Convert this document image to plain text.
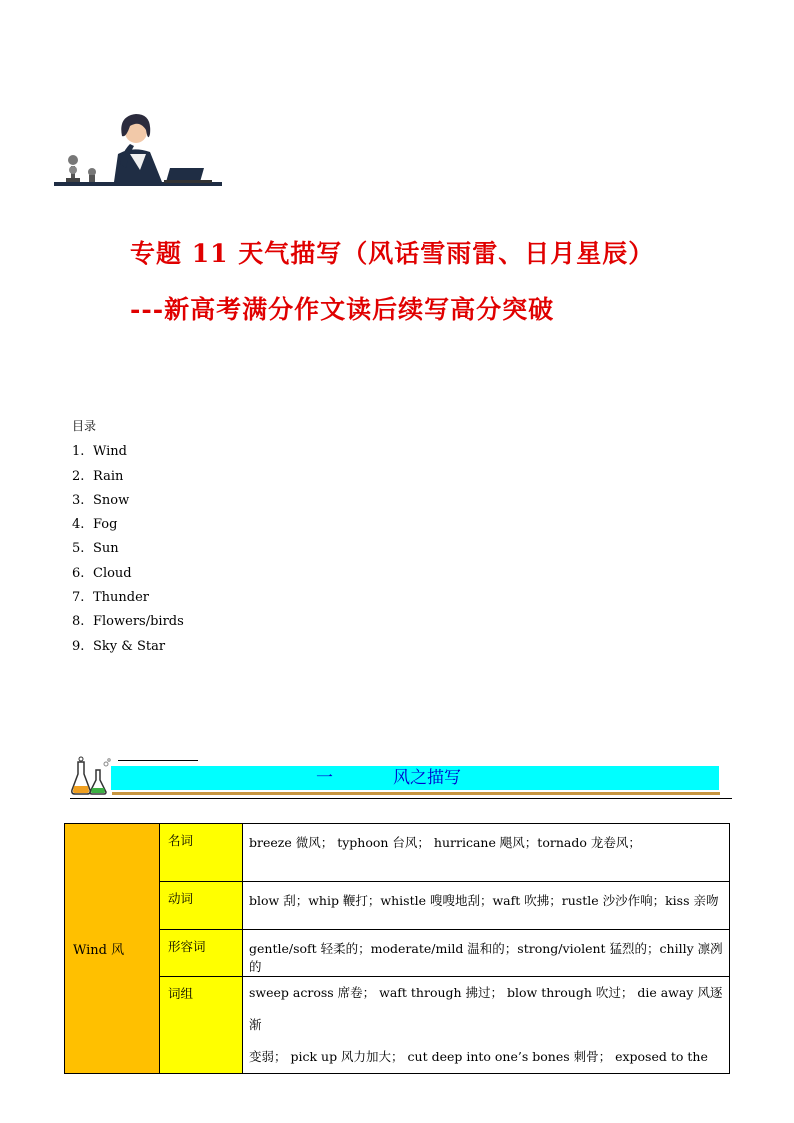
专题 11 天气描写（风话雪雨雷、日月星辰）
---新高考满分作文读后续写高分突破
目录
1. Wind
2. Rain
3. Snow
4. Fog
5. Sun
6. Cloud
7. Thunder
8. Flowers/birds
9. Sky & Star
一	风之描写
Wind 风	名词	breeze 微风； typhoon 台风； hurricane 飓风；tornado 龙卷风；

	动词	blow 刮；whip 鞭打；whistle 嗖嗖地刮；waft 吹拂；rustle 沙沙作响；kiss 亲吻

	形容词	gentle/soft 轻柔的；moderate/mild 温和的；strong/violent 猛烈的；chilly 凛冽的

	词组	sweep across 席卷； waft through 拂过； blow through 吹过； die away 风逐渐
变弱； pick up 风力加大； cut deep into one’s bones 刺骨； exposed to the
